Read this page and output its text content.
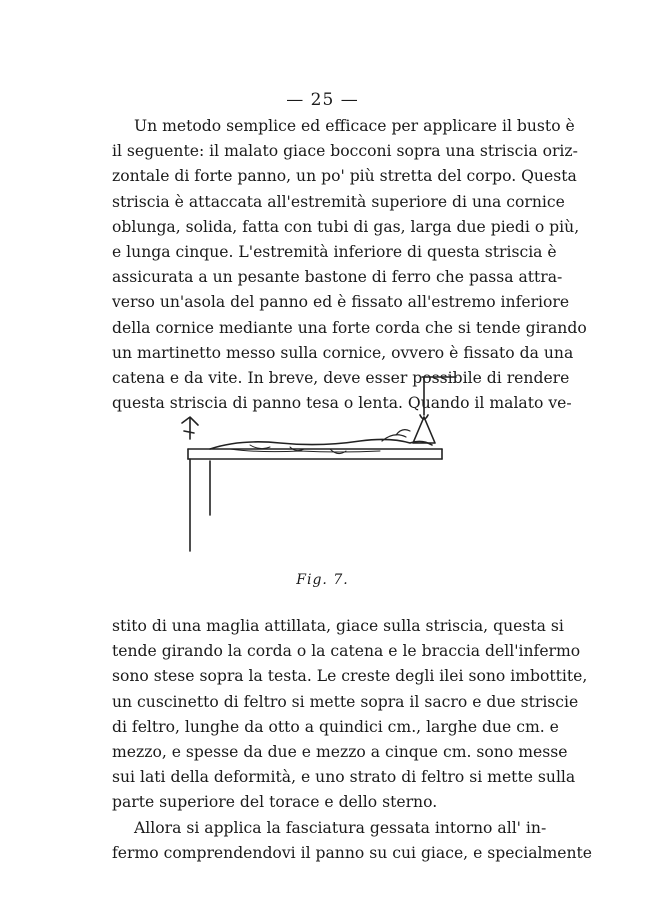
— 25 —
Un metodo semplice ed efficace per applicare il busto è
il seguente: il malato giace bocconi sopra una striscia oriz-
zontale di forte panno, un po' più stretta del corpo. Questa
striscia è attaccata all'estremità superiore di una cornice
oblunga, solida, fatta con tubi di gas, larga due piedi o più,
e lunga cinque. L'estremità inferiore di questa striscia è
assicurata a un pesante bastone di ferro che passa attra-
verso un'asola del panno ed è fissato all'estremo inferiore
della cornice mediante una forte corda che si tende girando
un martinetto messo sulla cornice, ovvero è fissato da una
catena e da vite. In breve, deve esser possibile di rendere
questa striscia di panno tesa o lenta. Quando il malato ve-
Fig. 7.
stito di una maglia attillata, giace sulla striscia, questa si
tende girando la corda o la catena e le braccia dell'infermo
sono stese sopra la testa. Le creste degli ilei sono imbottite,
un cuscinetto di feltro si mette sopra il sacro e due striscie
di feltro, lunghe da otto a quindici cm., larghe due cm. e
mezzo, e spesse da due e mezzo a cinque cm. sono messe
sui lati della deformità, e uno strato di feltro si mette sulla
parte superiore del torace e dello sterno.
Allora si applica la fasciatura gessata intorno all' in-
fermo comprendendovi il panno su cui giace, e specialmente
